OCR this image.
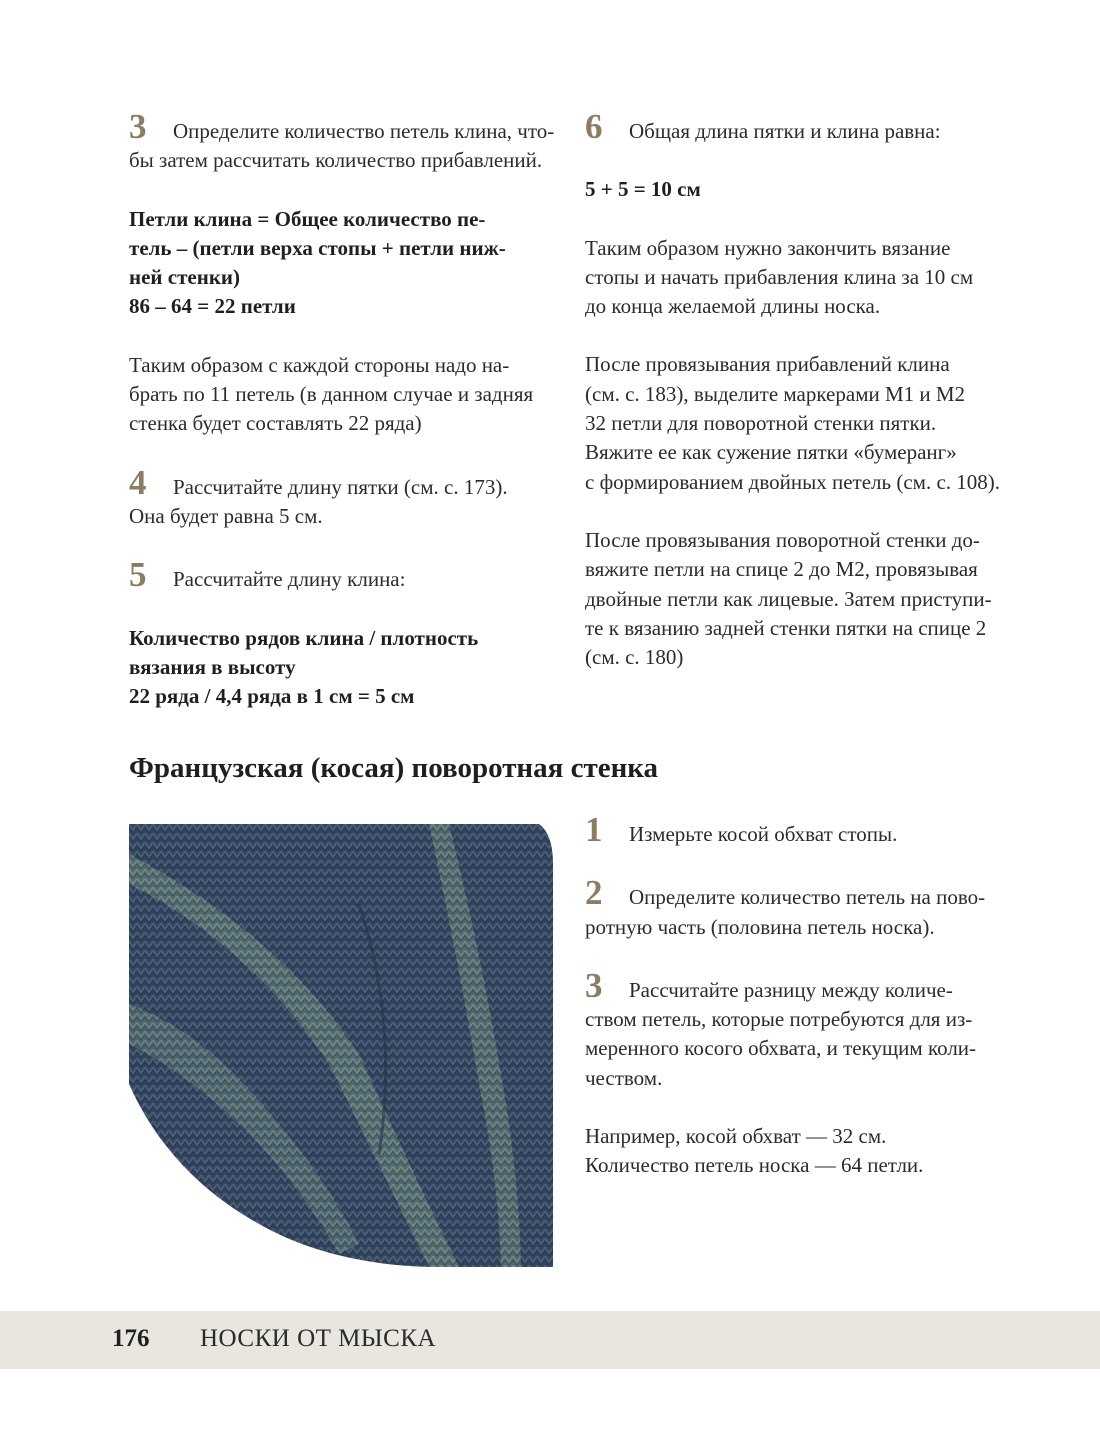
3 Определите количество петель клина, что-

бы затем рассчитать количество прибавлений.

Петли клина = Общее количество пе-

тель – (петли верха стопы + петли ниж-

ней стенки)

86 – 64 = 22 петли

Таким образом с каждой стороны надо на-

брать по 11 петель (в данном случае и задняя

стенка будет составлять 22 ряда)

4 Рассчитайте длину пятки (см. с. 173).

Она будет равна 5 см.

5 Рассчитайте длину клина:

Количество рядов клина / плотность

вязания в высоту

22 ряда / 4,4 ряда в 1 см = 5 см

6 Общая длина пятки и клина равна:

5 + 5 = 10 см

Таким образом нужно закончить вязание

стопы и начать прибавления клина за 10 см

до конца желаемой длины носка.

После провязывания прибавлений клина

(см. с. 183), выделите маркерами М1 и М2

32 петли для поворотной стенки пятки.

Вяжите ее как сужение пятки «бумеранг»

с формированием двойных петель (см. с. 108).

После провязывания поворотной стенки до-

вяжите петли на спице 2 до М2, провязывая

двойные петли как лицевые. Затем приступи-

те к вязанию задней стенки пятки на спице 2

(см. с. 180)

Французская (косая) поворотная стенка

1 Измерьте косой обхват стопы.

2 Определите количество петель на пово-

ротную часть (половина петель носка).

3 Рассчитайте разницу между количе-

ством петель, которые потребуются для из-

меренного косого обхвата, и текущим коли-

чеством.

Например, косой обхват — 32 см.

Количество петель носка — 64 петли.

176 НОСКИ ОТ МЫСКА
